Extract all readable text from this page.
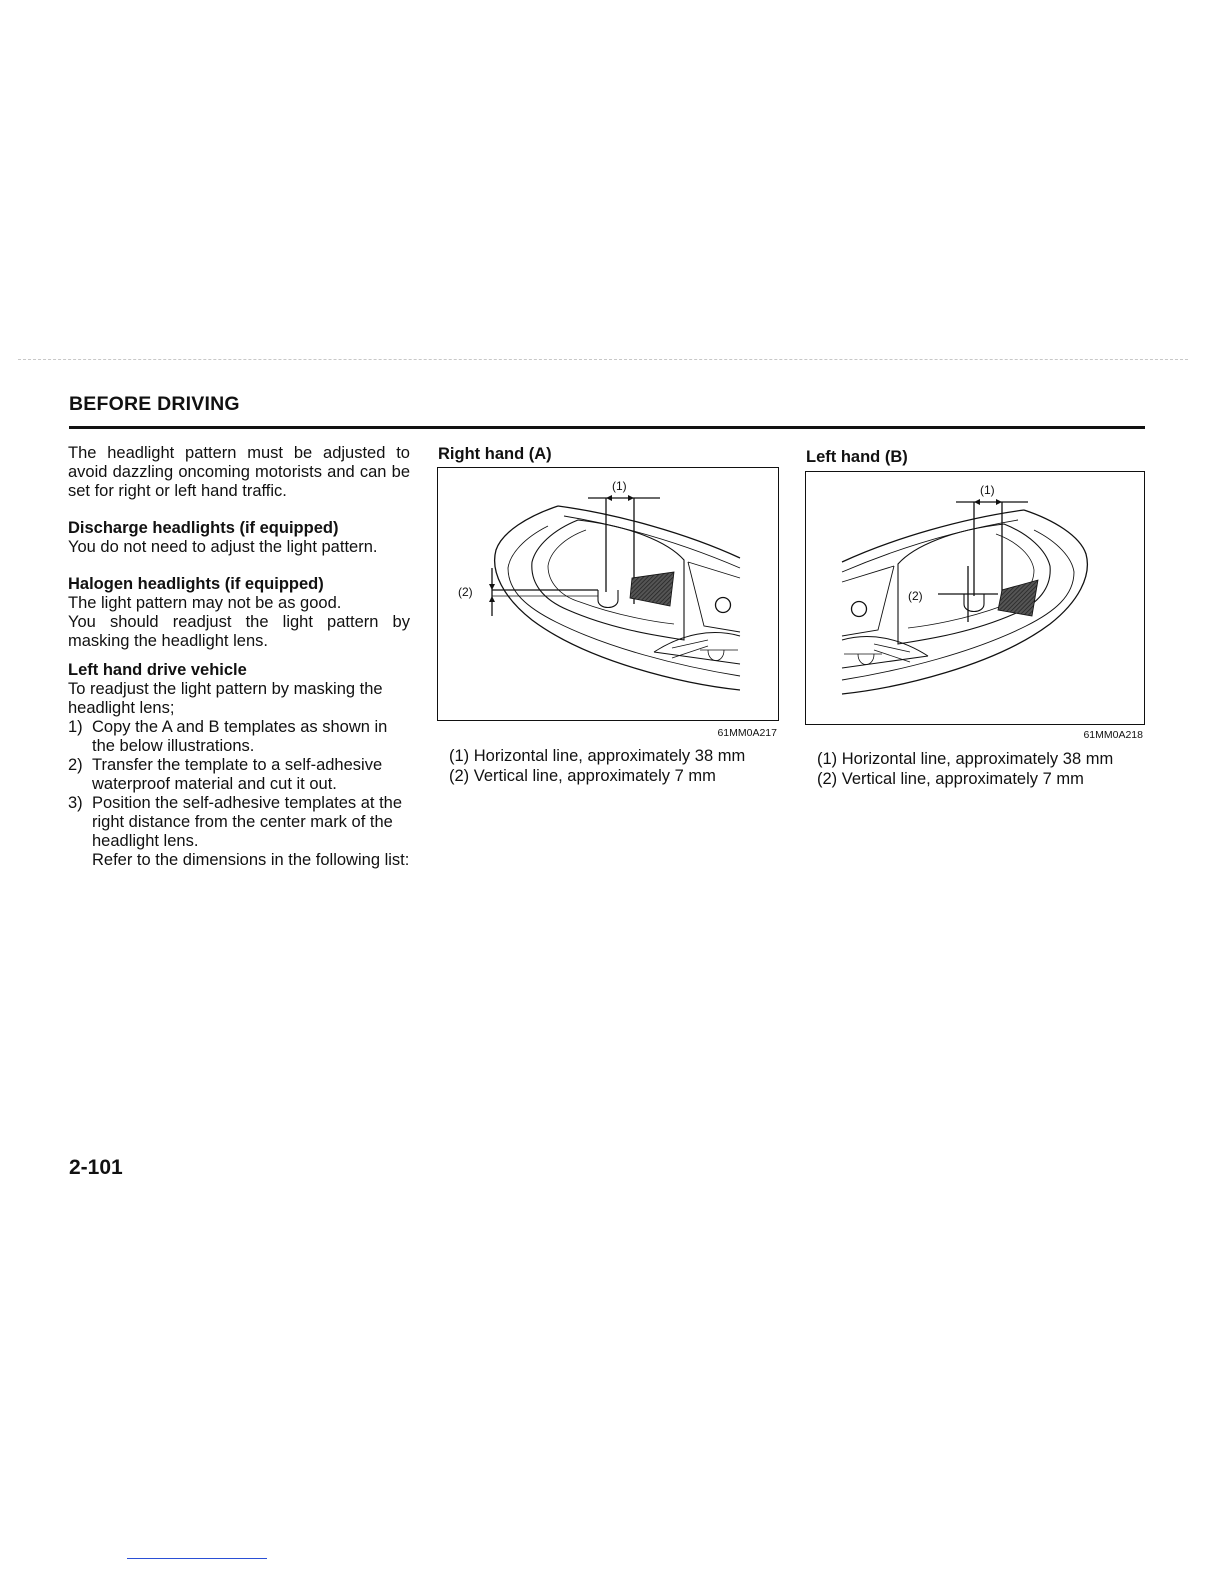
BEFORE DRIVING

The headlight pattern must be adjusted to avoid dazzling oncoming motorists and can be set for right or left hand traffic.

Discharge headlights (if equipped)

You do not need to adjust the light pattern.

Halogen headlights (if equipped)

The light pattern may not be as good.

You should readjust the light pattern by masking the headlight lens.

Left hand drive vehicle

To readjust the light pattern by masking the headlight lens;

1) Copy the A and B templates as shown in the below illustrations.
2) Transfer the template to a self-adhesive waterproof material and cut it out.
3) Position the self-adhesive templates at the right distance from the center mark of the headlight lens.
Refer to the dimensions in the following list:
Right hand (A)
(1)
(2)
61MM0A217
(1) Horizontal line, approximately 38 mm
(2) Vertical line, approximately 7 mm
Left hand (B)
(1)
(2)
61MM0A218
(1) Horizontal line, approximately 38 mm
(2) Vertical line, approximately 7 mm
2-101
